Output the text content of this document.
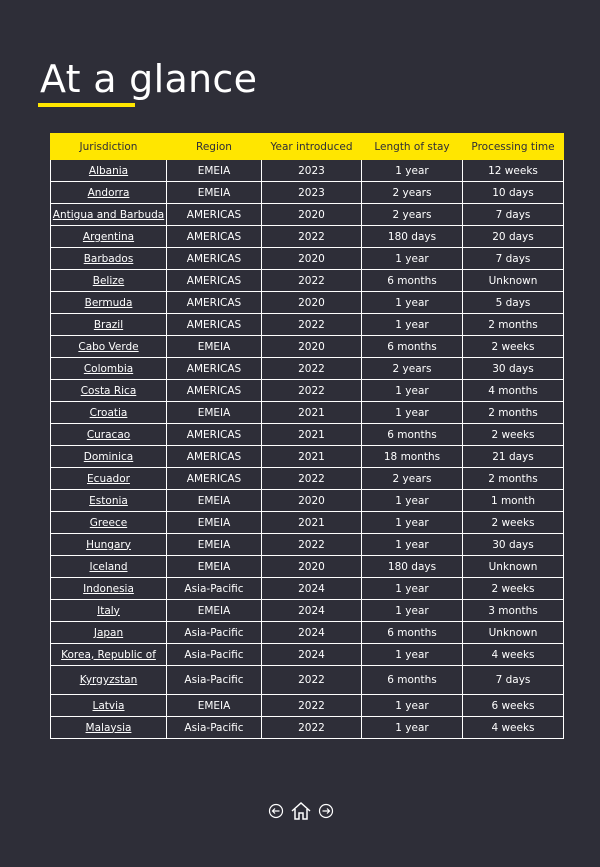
At a glance
Jurisdiction	Region	Year introduced	Length of stay	Processing time
Albania	EMEIA	2023	1 year	12 weeks
Andorra	EMEIA	2023	2 years	10 days
Antigua and Barbuda	AMERICAS	2020	2 years	7 days
Argentina	AMERICAS	2022	180 days	20 days
Barbados	AMERICAS	2020	1 year	7 days
Belize	AMERICAS	2022	6 months	Unknown
Bermuda	AMERICAS	2020	1 year	5 days
Brazil	AMERICAS	2022	1 year	2 months
Cabo Verde	EMEIA	2020	6 months	2 weeks
Colombia	AMERICAS	2022	2 years	30 days
Costa Rica	AMERICAS	2022	1 year	4 months
Croatia	EMEIA	2021	1 year	2 months
Curacao	AMERICAS	2021	6 months	2 weeks
Dominica	AMERICAS	2021	18 months	21 days
Ecuador	AMERICAS	2022	2 years	2 months
Estonia	EMEIA	2020	1 year	1 month
Greece	EMEIA	2021	1 year	2 weeks
Hungary	EMEIA	2022	1 year	30 days
Iceland	EMEIA	2020	180 days	Unknown
Indonesia	Asia-Pacific	2024	1 year	2 weeks
Italy	EMEIA	2024	1 year	3 months
Japan	Asia-Pacific	2024	6 months	Unknown
Korea, Republic of	Asia-Pacific	2024	1 year	4 weeks
Kyrgyzstan	Asia-Pacific	2022	6 months	7 days
Latvia	EMEIA	2022	1 year	6 weeks
Malaysia	Asia-Pacific	2022	1 year	4 weeks
